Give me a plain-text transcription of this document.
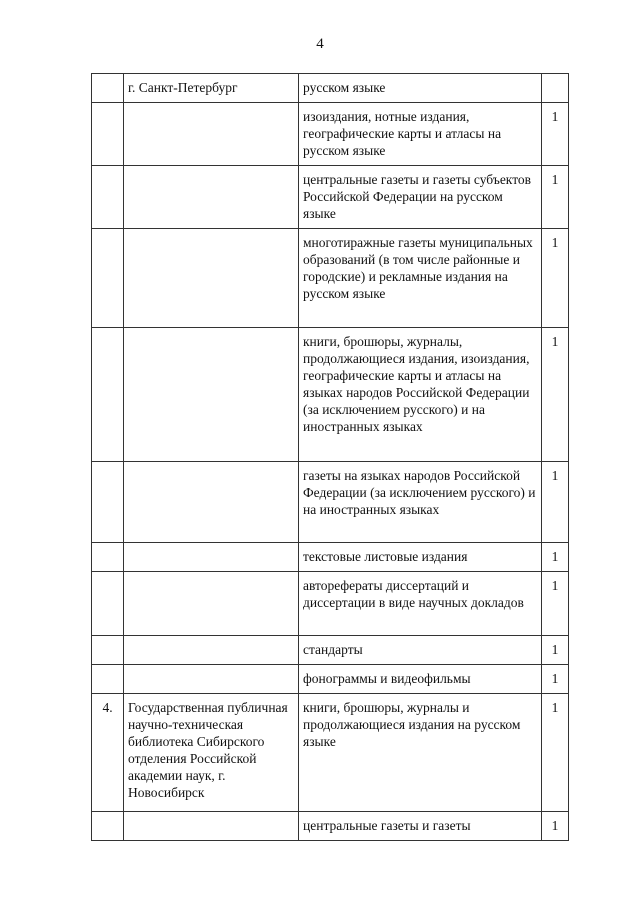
4
	г. Санкт-Петербург	русском языке	
		изоиздания, нотные издания, географические карты и атласы на русском языке	1
		центральные газеты и газеты субъектов Российской Федерации на русском языке	1
		многотиражные газеты муниципальных образований (в том числе районные и городские) и рекламные издания на русском языке	1
		книги, брошюры, журналы, продолжающиеся издания, изоиздания, географические карты и атласы на языках народов Российской Федерации (за исключением русского) и на иностранных языках	1
		газеты на языках народов Российской Федерации (за исключением русского) и на иностранных языках	1
		текстовые листовые издания	1
		авторефераты диссертаций и диссертации в виде научных докладов	1
		стандарты	1
		фонограммы и видеофильмы	1
4.	Государственная публичная научно-техническая библиотека Сибирского отделения Российской академии наук, г. Новосибирск	книги, брошюры, журналы и продолжающиеся издания на русском языке	1
		центральные газеты и газеты	1
